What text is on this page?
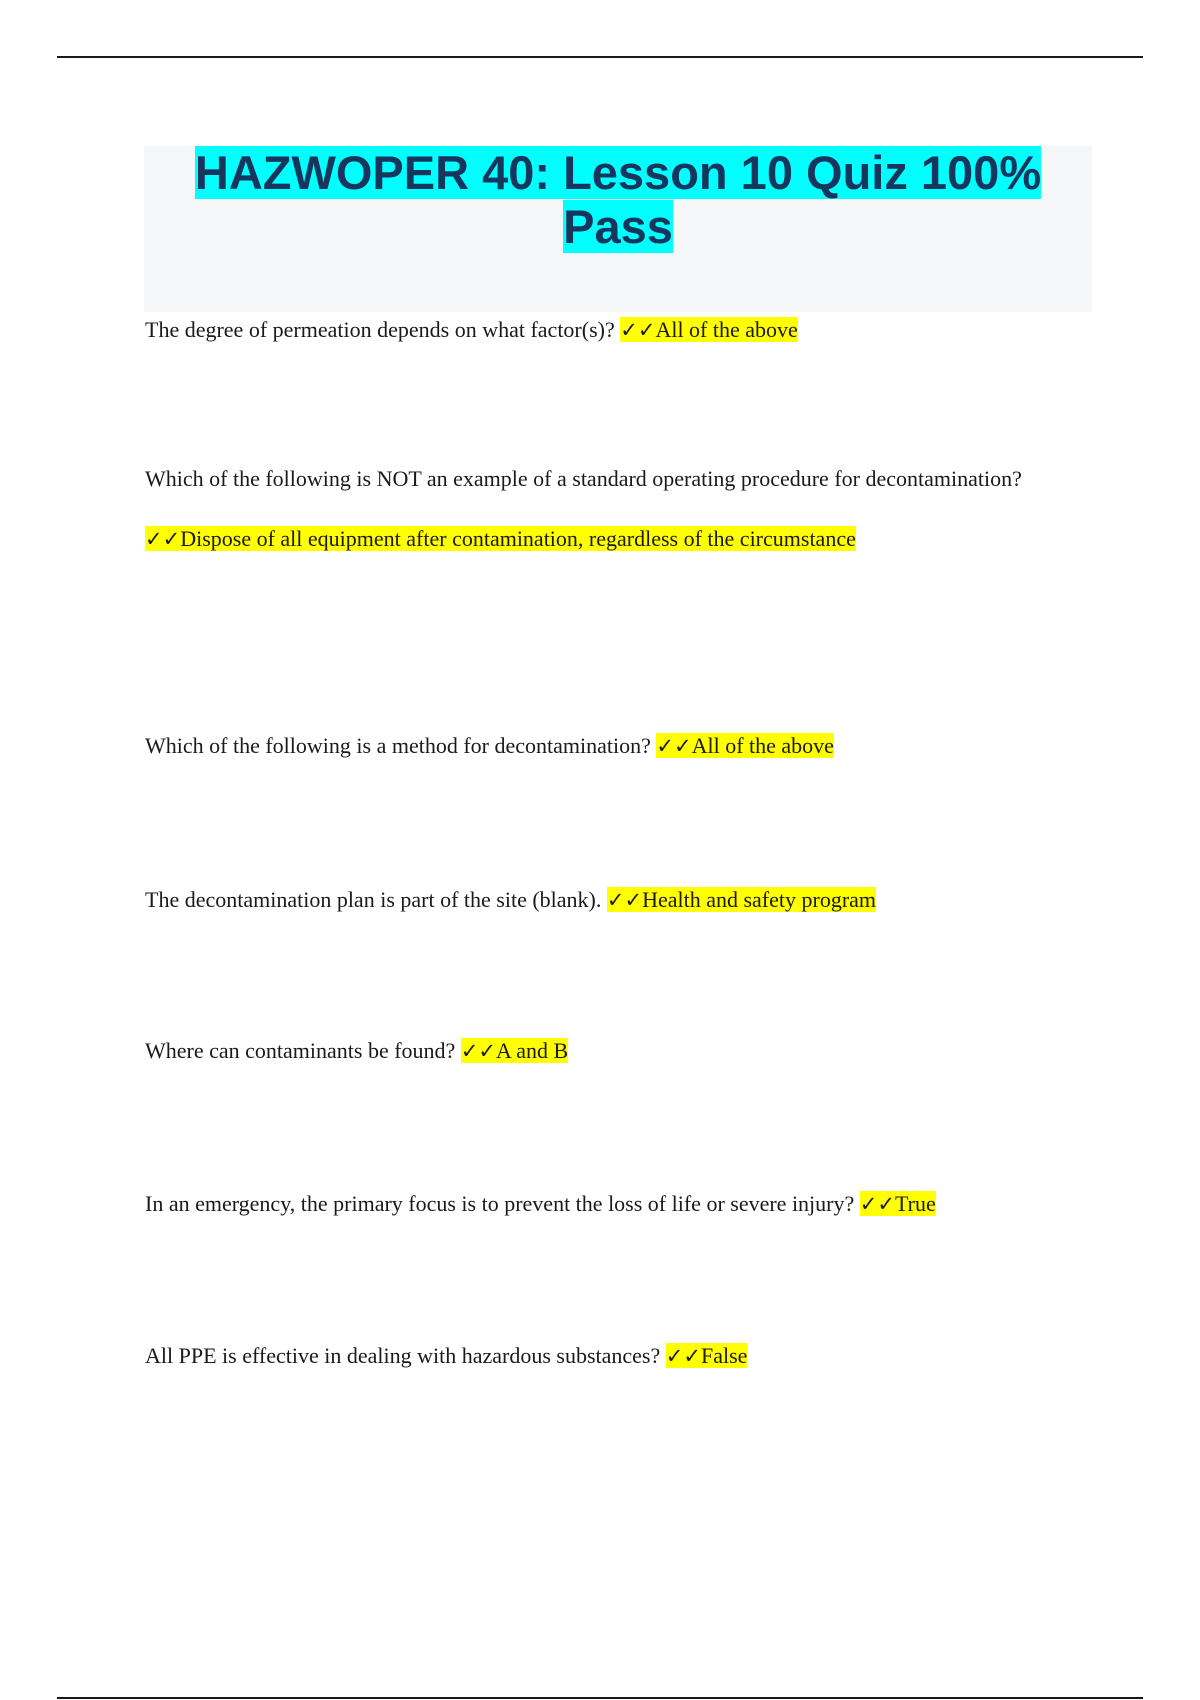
HAZWOPER 40: Lesson 10 Quiz 100% Pass

The degree of permeation depends on what factor(s)? ✓✓All of the above

Which of the following is NOT an example of a standard operating procedure for decontamination? ✓✓Dispose of all equipment after contamination, regardless of the circumstance

Which of the following is a method for decontamination? ✓✓All of the above

The decontamination plan is part of the site (blank). ✓✓Health and safety program

Where can contaminants be found? ✓✓A and B

In an emergency, the primary focus is to prevent the loss of life or severe injury? ✓✓True

All PPE is effective in dealing with hazardous substances? ✓✓False
